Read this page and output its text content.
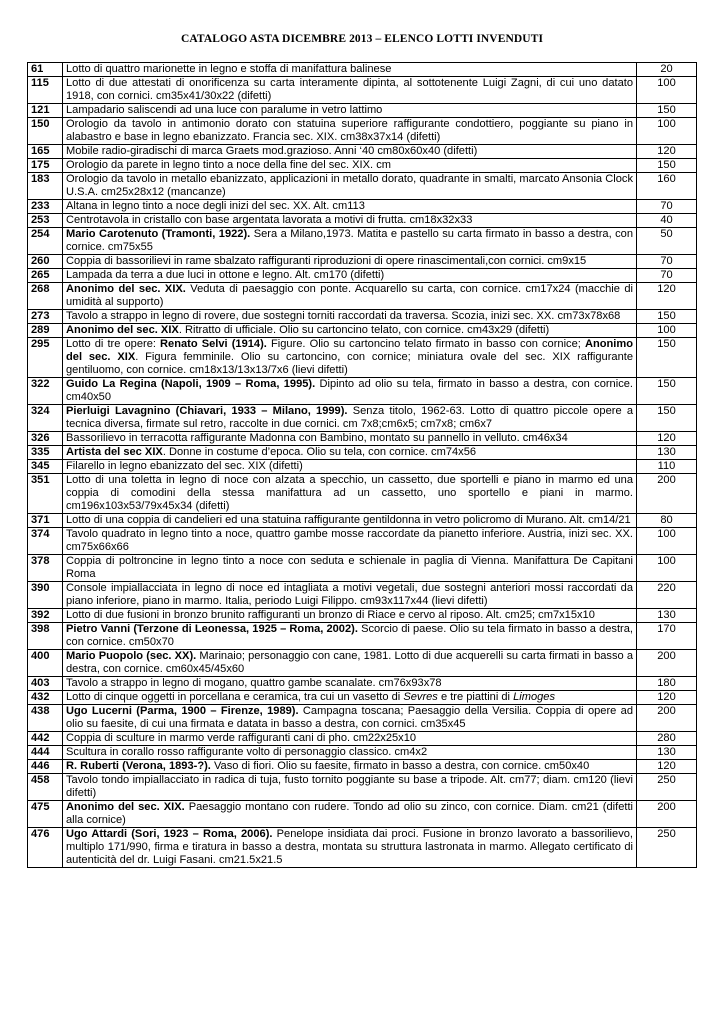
CATALOGO ASTA DICEMBRE 2013 – ELENCO LOTTI INVENDUTI
61	Lotto di quattro marionette in legno e stoffa di manifattura balinese	20
115	Lotto di due attestati di onorificenza su carta interamente dipinta, al sottotenente Luigi Zagni, di cui uno datato 1918, con cornici. cm35x41/30x22 (difetti)	100
121	Lampadario saliscendi ad una luce con paralume in vetro lattimo	150
150	Orologio da tavolo in antimonio dorato con statuina superiore raffigurante condottiero, poggiante su piano in alabastro e base in legno ebanizzato. Francia sec. XIX. cm38x37x14 (difetti)	100
165	Mobile radio-giradischi di marca Graets mod.grazioso. Anni ‘40 cm80x60x40 (difetti)	120
175	Orologio da parete in legno tinto a noce della fine del sec. XIX. cm	150
183	Orologio da tavolo in metallo ebanizzato, applicazioni in metallo dorato, quadrante in smalti, marcato Ansonia Clock U.S.A. cm25x28x12 (mancanze)	160
233	Altana in legno tinto a noce degli inizi del sec. XX. Alt. cm113	70
253	Centrotavola in cristallo con base argentata lavorata a motivi di frutta. cm18x32x33	40
254	Mario Carotenuto (Tramonti, 1922). Sera a Milano,1973. Matita e pastello su carta firmato in basso a destra, con cornice. cm75x55	50
260	Coppia di bassorilievi in rame sbalzato raffiguranti riproduzioni di opere rinascimentali,con cornici. cm9x15	70
265	Lampada da terra a due luci in ottone e legno. Alt. cm170 (difetti)	70
268	Anonimo del sec. XIX. Veduta di paesaggio con ponte. Acquarello su carta, con cornice. cm17x24 (macchie di umidità al supporto)	120
273	Tavolo a strappo in legno di rovere, due sostegni torniti raccordati da traversa. Scozia, inizi sec. XX. cm73x78x68	150
289	Anonimo del sec. XIX. Ritratto di ufficiale. Olio su cartoncino telato, con cornice. cm43x29 (difetti)	100
295	Lotto di tre opere: Renato Selvi (1914). Figure. Olio su cartoncino telato firmato in basso con cornice; Anonimo del sec. XIX. Figura femminile. Olio su cartoncino, con cornice; miniatura ovale del sec. XIX raffigurante gentiluomo, con cornice. cm18x13/13x13/7x6 (lievi difetti)	150
322	Guido La Regina (Napoli, 1909 – Roma, 1995). Dipinto ad olio su tela, firmato in basso a destra, con cornice. cm40x50	150
324	Pierluigi Lavagnino (Chiavari, 1933 – Milano, 1999). Senza titolo, 1962-63. Lotto di quattro piccole opere a tecnica diversa, firmate sul retro, raccolte in due cornici. cm 7x8;cm6x5; cm7x8; cm6x7	150
326	Bassorilievo in terracotta raffigurante Madonna con Bambino, montato su pannello in velluto. cm46x34	120
335	Artista del sec XIX. Donne in costume d’epoca. Olio su tela, con cornice. cm74x56	130
345	Filarello in legno ebanizzato del sec. XIX (difetti)	110
351	Lotto di una toletta in legno di noce con alzata a specchio, un cassetto, due sportelli e piano in marmo ed una coppia di comodini della stessa manifattura ad un cassetto, uno sportello e piani in marmo. cm196x103x53/79x45x34 (difetti)	200
371	Lotto di una coppia di candelieri ed una statuina raffigurante gentildonna in vetro policromo di Murano. Alt. cm14/21	80
374	Tavolo quadrato in legno tinto a noce, quattro gambe mosse raccordate da pianetto inferiore. Austria, inizi sec. XX. cm75x66x66	100
378	Coppia di poltroncine in legno tinto a noce con seduta e schienale in paglia di Vienna. Manifattura De Capitani Roma	100
390	Console impiallacciata in legno di noce ed intagliata a motivi vegetali, due sostegni anteriori mossi raccordati da piano inferiore, piano in marmo. Italia, periodo Luigi Filippo. cm93x117x44 (lievi difetti)	220
392	Lotto di due fusioni in bronzo brunito raffiguranti un bronzo di Riace e cervo al riposo. Alt. cm25; cm7x15x10	130
398	Pietro Vanni (Terzone di Leonessa, 1925 – Roma, 2002). Scorcio di paese. Olio su tela firmato in basso a destra, con cornice. cm50x70	170
400	Mario Puopolo (sec. XX). Marinaio; personaggio con cane, 1981. Lotto di due acquerelli su carta firmati in basso a destra, con cornice. cm60x45/45x60	200
403	Tavolo a strappo in legno di mogano, quattro gambe scanalate. cm76x93x78	180
432	Lotto di cinque oggetti in porcellana e ceramica, tra cui un vasetto di Sevres e tre piattini di Limoges	120
438	Ugo Lucerni (Parma, 1900 – Firenze, 1989). Campagna toscana; Paesaggio della Versilia. Coppia di opere ad olio su faesite, di cui una firmata e datata in basso a destra, con cornici. cm35x45	200
442	Coppia di sculture in marmo verde raffiguranti cani di pho. cm22x25x10	280
444	Scultura in corallo rosso raffigurante volto di personaggio classico. cm4x2	130
446	R. Ruberti (Verona, 1893-?). Vaso di fiori. Olio su faesite, firmato in basso a destra, con cornice. cm50x40	120
458	Tavolo tondo impiallacciato in radica di tuja, fusto tornito poggiante su base a tripode. Alt. cm77; diam. cm120 (lievi difetti)	250
475	Anonimo del sec. XIX. Paesaggio montano con rudere. Tondo ad olio su zinco, con cornice. Diam. cm21 (difetti alla cornice)	200
476	Ugo Attardi (Sori, 1923 – Roma, 2006). Penelope insidiata dai proci. Fusione in bronzo lavorato a bassorilievo, multiplo 171/990, firma e tiratura in basso a destra, montata su struttura lastronata in marmo. Allegato certificato di autenticità del dr. Luigi Fasani. cm21.5x21.5	250
